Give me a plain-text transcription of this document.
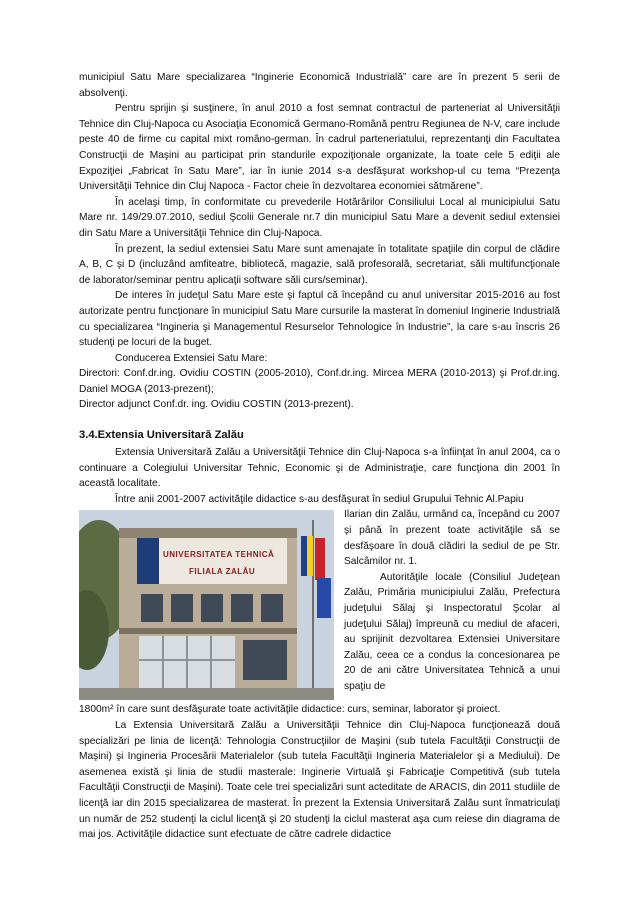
municipiul Satu Mare specializarea “Inginerie Economică Industrială” care are în prezent 5 serii de absolvenţi.

Pentru sprijin şi susţinere, în anul 2010 a fost semnat contractul de parteneriat al Universităţii Tehnice din Cluj-Napoca cu Asociaţia Economică Germano-Română pentru Regiunea de N-V, care include peste 40 de firme cu capital mixt româno-german. În cadrul parteneriatului, reprezentanţi din Facultatea Construcţii de Maşini au participat prin standurile expoziţionale organizate, la toate cele 5 ediţii ale Expoziţiei „Fabricat în Satu Mare”, iar în iunie 2014 s-a desfăşurat workshop-ul cu tema “Prezenţa Universităţii Tehnice din Cluj Napoca - Factor cheie în dezvoltarea economiei sătmărene”.

În acelaşi timp, în conformitate cu prevederile Hotărârilor Consiliului Local al municipiului Satu Mare nr. 149/29.07.2010, sediul Şcolii Generale nr.7 din municipiul Satu Mare a devenit sediul extensiei din Satu Mare a Universităţii Tehnice din Cluj-Napoca.

În prezent, la sediul extensiei Satu Mare sunt amenajate în totalitate spaţiile din corpul de clădire A, B, C şi D (incluzând amfiteatre, bibliotecă, magazie, sală profesorală, secretariat, săli multifuncţionale de laborator/seminar pentru aplicaţii software săli curs/seminar).

De interes în judeţul Satu Mare este şi faptul că începând cu anul universitar 2015-2016 au fost autorizate pentru funcţionare în municipiul Satu Mare cursurile la masterat în domeniul Inginerie Industrială cu specializarea “Ingineria şi Managementul Resurselor Tehnologice în Industrie”, la care s-au înscris 26 studenţi pe locuri de la buget.

Conducerea Extensiei Satu Mare:

Directori: Conf.dr.ing. Ovidiu COSTIN (2005-2010), Conf.dr.ing. Mircea MERA (2010-2013) şi Prof.dr.ing. Daniel MOGA (2013-prezent);

Director adjunct Conf.dr. ing. Ovidiu COSTIN (2013-prezent).

3.4.Extensia Universitară Zalău

Extensia Universitară Zalău a Universităţii Tehnice din Cluj-Napoca s-a înfiinţat în anul 2004, ca o continuare a Colegiului Universitar Tehnic, Economic şi de Administraţie, care funcţiona din 2001 în această localitate.

Între anii 2001-2007 activităţile didactice s-au desfăşurat în sediul Grupului Tehnic Al.Papiu

UNIVERSITATEA TEHNICĂ
FILIALA ZALĂU

Ilarian din Zalău, urmând ca, începând cu 2007 şi până în prezent toate activităţile să se desfăşoare în două clădiri la sediul de pe Str. Salcâmilor nr. 1.

Autorităţile locale (Consiliul Judeţean Zalău, Primăria municipiului Zalău, Prefectura judeţului Sălaj şi Inspectoratul Şcolar al judeţului Sălaj) împreună cu mediul de afaceri, au sprijinit dezvoltarea Extensiei Universitare Zalău, ceea ce a condus la concesionarea pe 20 de ani către Universitatea Tehnică a unui spaţiu de

1800m² în care sunt desfăşurate toate activităţile didactice: curs, seminar, laborator şi proiect.

La Extensia Universitară Zalău a Universităţii Tehnice din Cluj-Napoca funcţionează două specializări pe linia de licenţă: Tehnologia Construcţiilor de Maşini (sub tutela Facultăţii Construcţii de Maşini) şi Ingineria Procesării Materialelor (sub tutela Facultăţii Ingineria Materialelor şi a Mediului). De asemenea există şi linia de studii masterale: Inginerie Virtuală şi Fabricaţie Competitivă (sub tutela Facultăţii Construcţii de Maşini). Toate cele trei specializări sunt acteditate de ARACIS, din 2011 studiile de licenţă iar din 2015 specializarea de masterat. În prezent la Extensia Universitară Zalău sunt înmatriculaţi un număr de 252 studenţi la ciclul licenţă şi 20 studenţi la ciclul masterat aşa cum reiese din diagrama de mai jos. Activităţile didactice sunt efectuate de către cadrele didactice
